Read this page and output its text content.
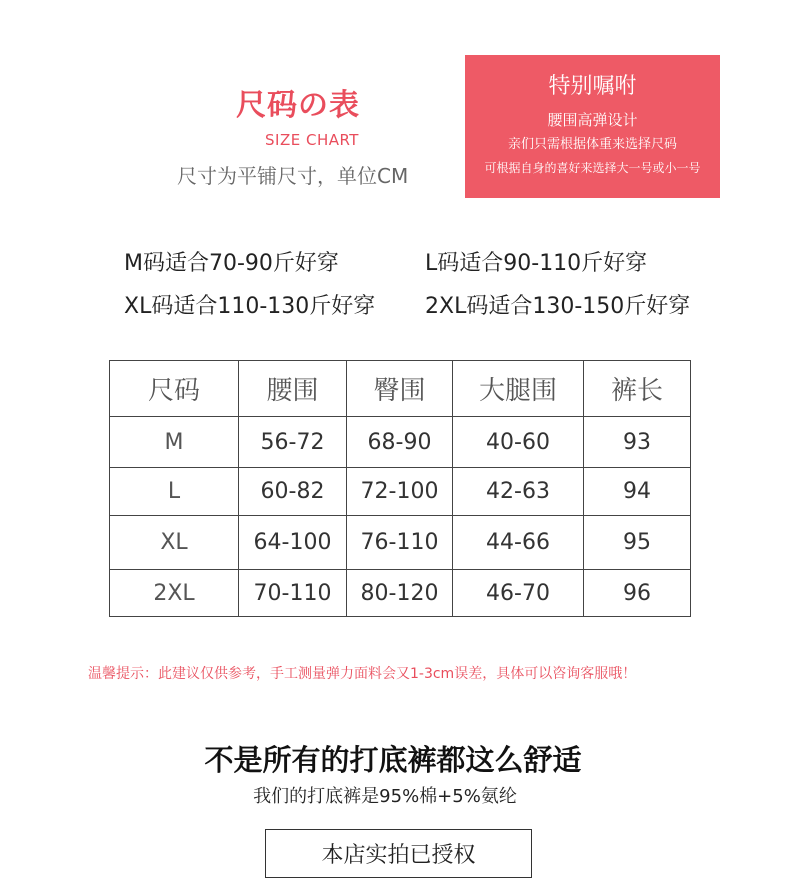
尺码の表
SIZE CHART
尺寸为平铺尺寸，单位CM
特别嘱咐
腰围高弹设计
亲们只需根据体重来选择尺码
可根据自身的喜好来选择大一号或小一号
M码适合70-90斤好穿	L码适合90-110斤好穿
XL码适合110-130斤好穿 2XL码适合130-150斤好穿
尺码	腰围	臀围	大腿围	裤长
M	56-72	68-90	40-60	93
L	60-82	72-100	42-63	94
XL	64-100	76-110	44-66	95
2XL	70-110	80-120	46-70	96
温馨提示：此建议仅供参考，手工测量弹力面料会又1-3cm误差，具体可以咨询客服哦！
不是所有的打底裤都这么舒适
我们的打底裤是95%棉+5%氨纶
本店实拍已授权
